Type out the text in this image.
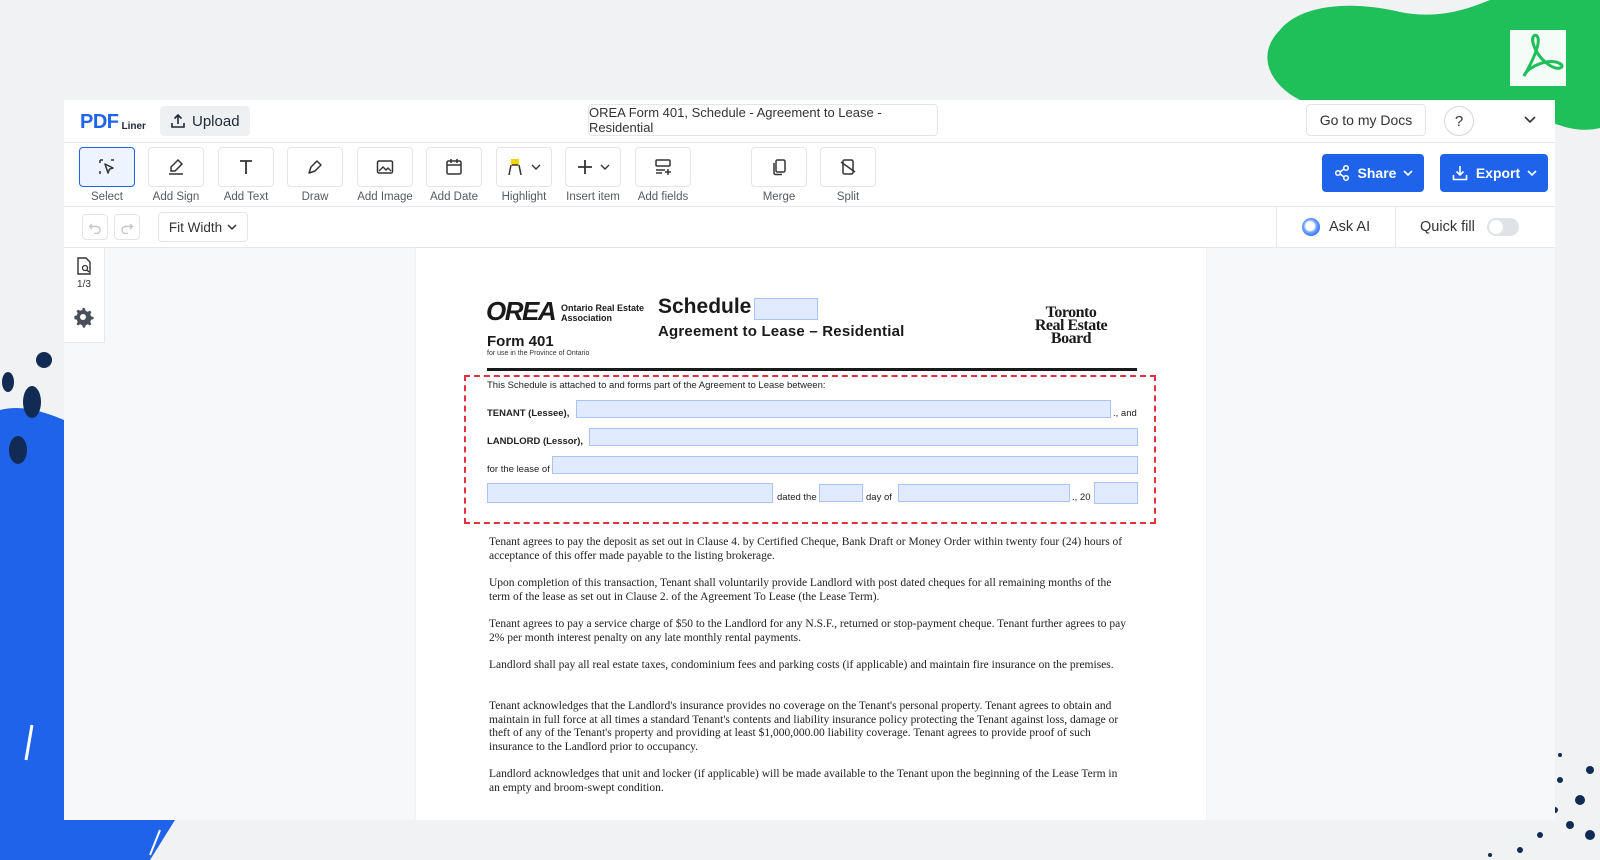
PDF Liner	Upload	OREA Form 401, Schedule - Agreement to Lease - Residential	Go to my Docs	?
Select	Add Sign	Add Text	Draw	Add Image	Add Date	Highlight	Insert item	Add fields	Merge	Split
Share	Export
Fit Width	Ask AI	Quick fill
1/3
OREA Ontario Real Estate
Association
Form 401
for use in the Province of Ontario
Schedule
Agreement to Lease – Residential
Toronto
Real Estate
Board
This Schedule is attached to and forms part of the Agreement to Lease between:
TENANT (Lessee),	., and
LANDLORD (Lessor),
for the lease of
dated the	day of	., 20
Tenant agrees to pay the deposit as set out in Clause 4. by Certified Cheque, Bank Draft or Money Order within twenty four (24) hours of acceptance of this offer made payable to the listing brokerage.
Upon completion of this transaction, Tenant shall voluntarily provide Landlord with post dated cheques for all remaining months of the term of the lease as set out in Clause 2. of the Agreement To Lease (the Lease Term).
Tenant agrees to pay a service charge of $50 to the Landlord for any N.S.F., returned or stop-payment cheque. Tenant further agrees to pay 2% per month interest penalty on any late monthly rental payments.
Landlord shall pay all real estate taxes, condominium fees and parking costs (if applicable) and maintain fire insurance on the premises.
Tenant acknowledges that the Landlord's insurance provides no coverage on the Tenant's personal property. Tenant agrees to obtain and maintain in full force at all times a standard Tenant's contents and liability insurance policy protecting the Tenant against loss, damage or theft of any of the Tenant's property and providing at least $1,000,000.00 liability coverage. Tenant agrees to provide proof of such insurance to the Landlord prior to occupancy.
Landlord acknowledges that unit and locker (if applicable) will be made available to the Tenant upon the beginning of the Lease Term in an empty and broom-swept condition.
